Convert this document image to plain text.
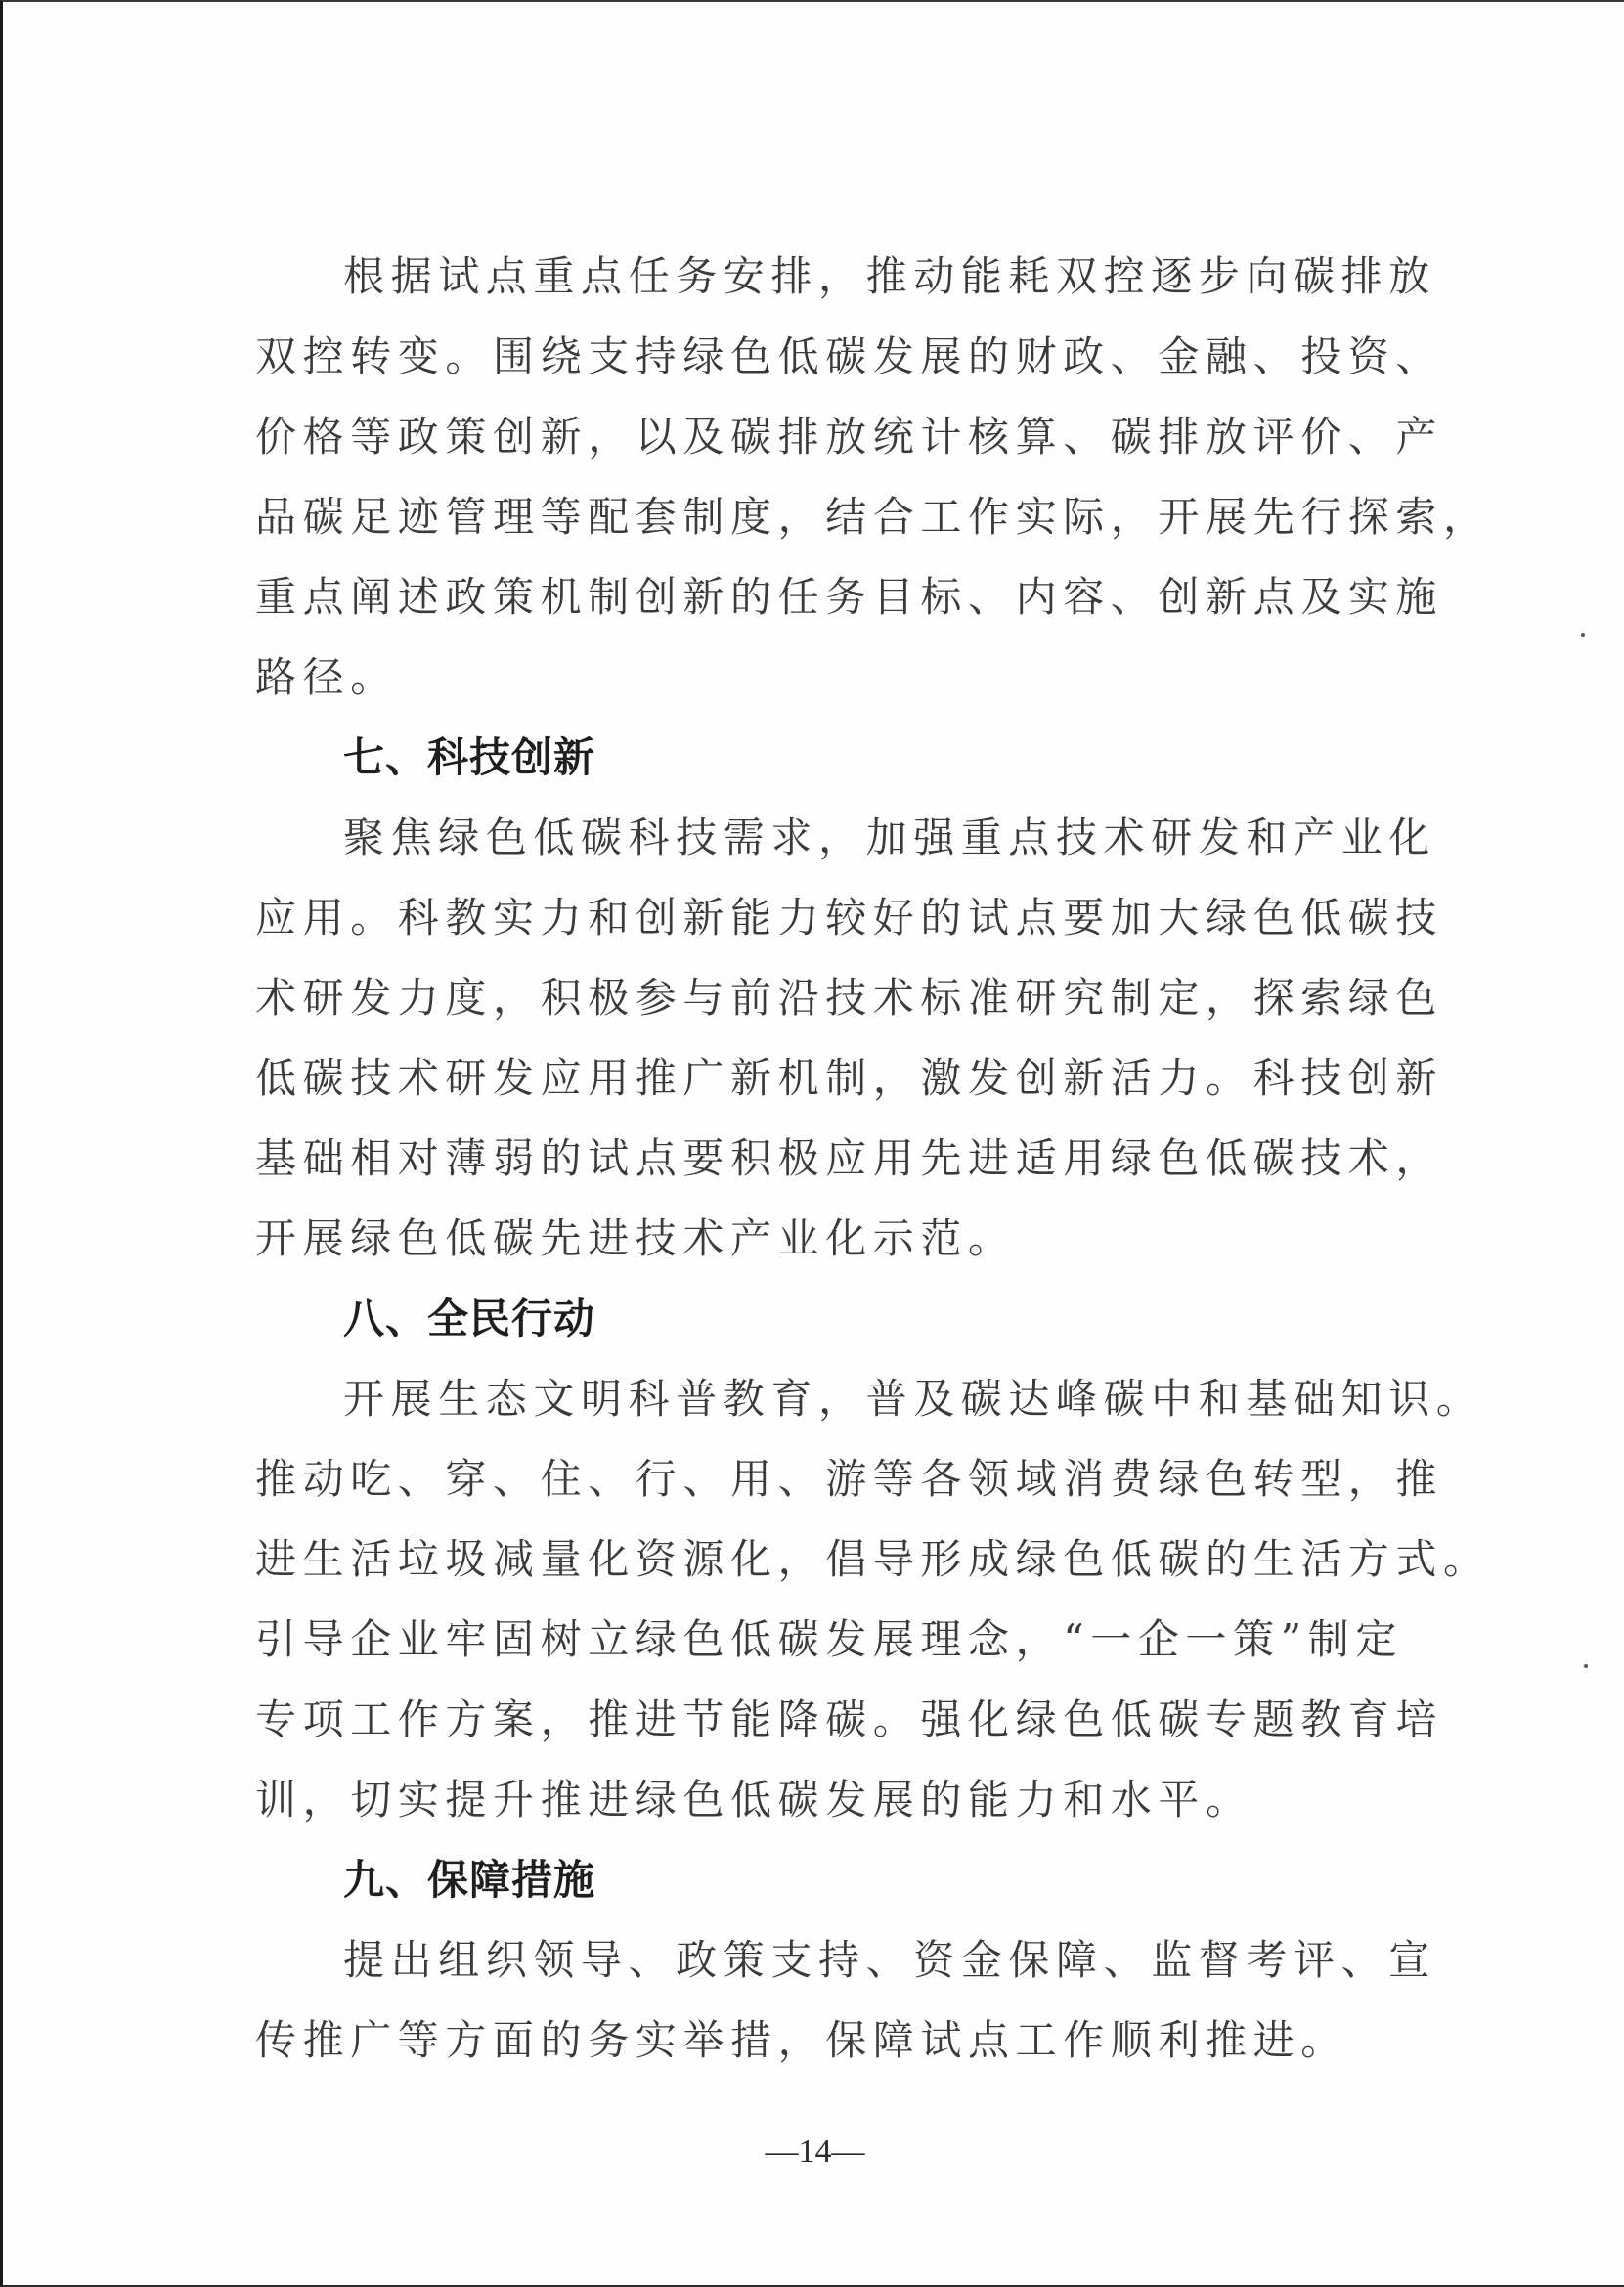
根据试点重点任务安排，推动能耗双控逐步向碳排放
双控转变。围绕支持绿色低碳发展的财政、金融、投资、
价格等政策创新，以及碳排放统计核算、碳排放评价、产
品碳足迹管理等配套制度，结合工作实际，开展先行探索，
重点阐述政策机制创新的任务目标、内容、创新点及实施
路径。
七、科技创新
聚焦绿色低碳科技需求，加强重点技术研发和产业化
应用。科教实力和创新能力较好的试点要加大绿色低碳技
术研发力度，积极参与前沿技术标准研究制定，探索绿色
低碳技术研发应用推广新机制，激发创新活力。科技创新
基础相对薄弱的试点要积极应用先进适用绿色低碳技术，
开展绿色低碳先进技术产业化示范。
八、全民行动
开展生态文明科普教育，普及碳达峰碳中和基础知识。
推动吃、穿、住、行、用、游等各领域消费绿色转型，推
进生活垃圾减量化资源化，倡导形成绿色低碳的生活方式。
引导企业牢固树立绿色低碳发展理念，“一企一策”制定
专项工作方案，推进节能降碳。强化绿色低碳专题教育培
训，切实提升推进绿色低碳发展的能力和水平。
九、保障措施
提出组织领导、政策支持、资金保障、监督考评、宣
传推广等方面的务实举措，保障试点工作顺利推进。
—14—
